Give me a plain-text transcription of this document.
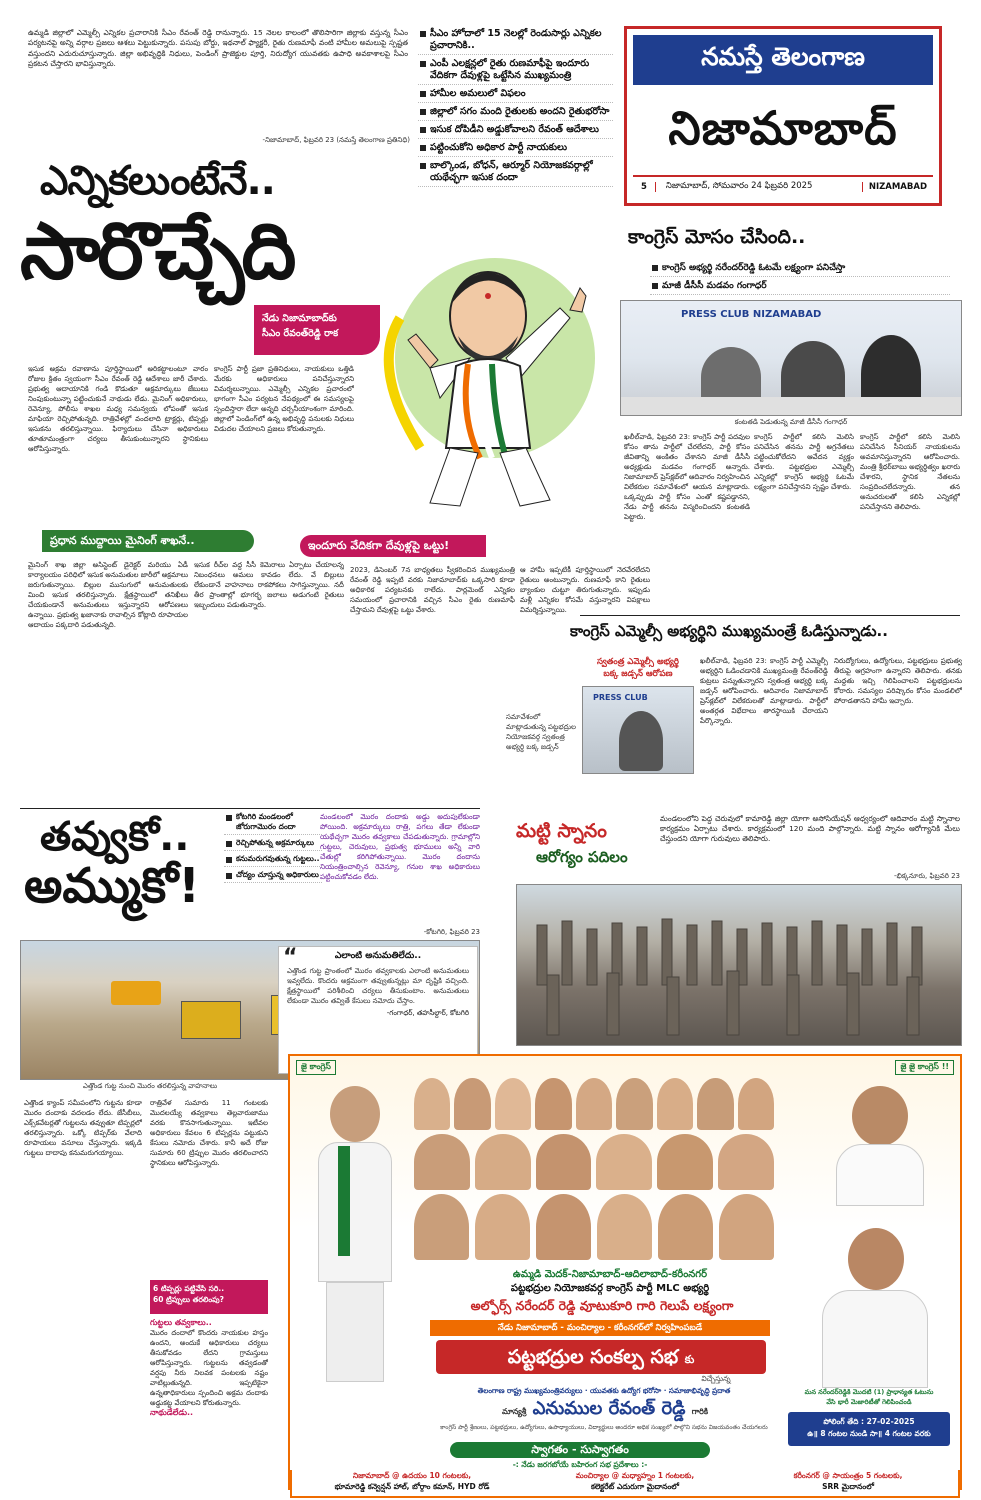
నమస్తే తెలంగాణ
నిజామాబాద్
5	నిజామాబాద్, సోమవారం 24 ఫిబ్రవరి 2025	NIZAMABAD
ఉమ్మడి జిల్లాలో ఎమ్మెల్సీ ఎన్నికల ప్రచారానికి సీఎం రేవంత్ రెడ్డి రానున్నారు. 15 నెలల కాలంలో తొలిసారిగా జిల్లాకు వస్తున్న సీఎం పర్యటనపై అన్ని వర్గాల ప్రజలు ఆశలు పెట్టుకున్నారు. పసుపు బోర్డు, ఇథనాల్ ఫ్యాక్టరీ, రైతు రుణమాఫీ వంటి హామీల అమలుపై స్పష్టత వస్తుందని ఎదురుచూస్తున్నారు. జిల్లా అభివృద్ధికి నిధులు, పెండింగ్ ప్రాజెక్టుల పూర్తి, నిరుద్యోగ యువతకు ఉపాధి అవకాశాలపై సీఎం ప్రకటన చేస్తారని భావిస్తున్నారు.
-నిజామాబాద్, ఫిబ్రవరి 23 (నమస్తే తెలంగాణ ప్రతినిధి)
సీఎం హోదాలో 15 నెలల్లో రెండుసార్లు ఎన్నికల ప్రచారానికి..
ఎంపీ ఎలక్షన్లలో రైతు రుణమాఫీపై ఇందూరు వేదికగా దేవుళ్లపై ఒట్టేసిన ముఖ్యమంత్రి
హామీల అమలులో విఫలం
జిల్లాలో సగం మంది రైతులకు అందని రైతుభరోసా
ఇసుక దోపిడీని అడ్డుకోవాలని రేవంత్ ఆదేశాలు
పట్టించుకోని అధికార పార్టీ నాయకులు
బాల్కొండ, బోధన్, ఆర్మూర్ నియోజకవర్గాల్లో యథేచ్ఛగా ఇసుక దందా
ఎన్నికలుంటేనే..
సారొచ్చేది
నేడు నిజామాబాద్‌కు
సీఎం రేవంత్‌రెడ్డి రాక
ఇసుక అక్రమ రవాణాను పూర్తిస్థాయిలో అరికట్టాలంటూ వారం రోజుల క్రితం స్వయంగా సీఎం రేవంత్ రెడ్డి ఆదేశాలు జారీ చేశారు. ప్రభుత్వ ఆదాయానికి గండి కొడుతూ అక్రమార్కులు జేబులు నింపుకుంటున్నా పట్టించుకునే నాథుడు లేడు. మైనింగ్ అధికారులు, రెవెన్యూ, పోలీసు శాఖల మధ్య సమన్వయ లోపంతో ఇసుక మాఫియా రెచ్చిపోతున్నది. రాత్రివేళల్లో వందలాది ట్రాక్టర్లు, టిప్పర్లు ఇసుకను తరలిస్తున్నాయి. ఫిర్యాదులు చేసినా అధికారులు తూతూమంత్రంగా చర్యలు తీసుకుంటున్నారని స్థానికులు ఆరోపిస్తున్నారు.
కాంగ్రెస్ పార్టీ ప్రజా ప్రతినిధులు, నాయకులు ఒత్తిడి మేరకు అధికారులు పనిచేస్తున్నారని విమర్శలున్నాయి. ఎమ్మెల్సీ ఎన్నికల ప్రచారంలో భాగంగా సీఎం పర్యటన నేపథ్యంలో ఈ సమస్యలపై స్పందిస్తారా లేదా అన్నది చర్చనీయాంశంగా మారింది. జిల్లాలో పెండింగ్‌లో ఉన్న అభివృద్ధి పనులకు నిధులు విడుదల చేయాలని ప్రజలు కోరుతున్నారు.
ప్రధాన ముద్దాయి మైనింగ్ శాఖనే..
మైనింగ్ శాఖ జిల్లా అసిస్టెంట్ డైరెక్టర్ మరియు ఏడీ కార్యాలయం పరిధిలో ఇసుక అనుమతుల జారీలో అక్రమాలు జరుగుతున్నాయి. బిల్లుల ముసుగులో అనుమతులకు మించి ఇసుక తరలిస్తున్నారు. క్షేత్రస్థాయిలో తనిఖీలు చేయకుండానే అనుమతులు ఇస్తున్నారని ఆరోపణలు ఉన్నాయి. ప్రభుత్వ ఖజానాకు రావాల్సిన కోట్లాది రూపాయల ఆదాయం పక్కదారి పడుతున్నది.
ఇసుక రీచ్‌ల వద్ద సీసీ కెమెరాలు ఏర్పాటు చేయాలన్న నిబంధనలు అమలు కావడం లేదు. వే బిల్లులు లేకుండానే వాహనాలు రాకపోకలు సాగిస్తున్నాయి. నదీ తీర ప్రాంతాల్లో భూగర్భ జలాలు అడుగంటి రైతులు ఇబ్బందులు పడుతున్నారు.
ఇందూరు వేదికగా దేవుళ్లపై ఒట్టు!
2023, డిసెంబర్ 7న బాధ్యతలు స్వీకరించిన ముఖ్యమంత్రి రేవంత్ రెడ్డి ఇప్పటి వరకు నిజామాబాద్‌కు ఒక్కసారి కూడా అధికారిక పర్యటనకు రాలేదు. పార్లమెంట్ ఎన్నికల సమయంలో ప్రచారానికి వచ్చిన సీఎం రైతు రుణమాఫీ చేస్తామని దేవుళ్లపై ఒట్టు వేశారు.
ఆ హామీ ఇప్పటికీ పూర్తిస్థాయిలో నెరవేరలేదని రైతులు అంటున్నారు. రుణమాఫీ కాని రైతులు బ్యాంకుల చుట్టూ తిరుగుతున్నారు. ఇప్పుడు మళ్లీ ఎన్నికల కోసమే వస్తున్నారని విపక్షాలు విమర్శిస్తున్నాయి.
కాంగ్రెస్ మోసం చేసింది..
కాంగ్రెస్ అభ్యర్థి నరేందర్‌రెడ్డి ఓటమే లక్ష్యంగా పనిచేస్తా
మాజీ డీసీసీ మడవం గంగాధర్
PRESS CLUB NIZAMABAD
కంటతడి పెడుతున్న మాజీ డీసీసీ గంగాధర్
ఖలీల్‌వాడి, ఫిబ్రవరి 23: కాంగ్రెస్ పార్టీ పదవుల కోసం తాను పార్టీలో చేరలేదని, పార్టీ కోసం జీవితాన్ని అంకితం చేశానని మాజీ డీసీసీ అధ్యక్షుడు మడవం గంగాధర్ అన్నారు. నిజామాబాద్ ప్రెస్‌క్లబ్‌లో ఆదివారం నిర్వహించిన విలేకరుల సమావేశంలో ఆయన మాట్లాడారు. ఒక్కప్పుడు పార్టీ కోసం ఎంతో కష్టపడ్డానని, నేడు పార్టీ తనను విస్మరించిందని కంటతడి పెట్టారు.
కాంగ్రెస్ పార్టీలో కలిసి మెలిసి పనిచేసిన తనను పార్టీ అగ్రనేతలు పట్టించుకోలేదని ఆవేదన వ్యక్తం చేశారు. పట్టభద్రుల ఎమ్మెల్సీ ఎన్నికల్లో కాంగ్రెస్ అభ్యర్థి ఓటమే లక్ష్యంగా పనిచేస్తానని స్పష్టం చేశారు.
కాంగ్రెస్ పార్టీలో కలిసి మెలిసి పనిచేసిన సీనియర్ నాయకులను అవమానిస్తున్నారని ఆరోపించారు. మంత్రి శ్రీధర్‌బాబు అభ్యర్థిత్వం ఖరారు చేశారని, స్థానిక నేతలను సంప్రదించలేదన్నారు. తన అనుచరులతో కలిసి ఎన్నికల్లో పనిచేస్తానని తెలిపారు.
కాంగ్రెస్ ఎమ్మెల్సీ అభ్యర్థిని ముఖ్యమంత్రే ఓడిస్తున్నాడు..
స్వతంత్ర ఎమ్మెల్సీ అభ్యర్థి
బక్క జడ్సన్ ఆరోపణ
PRESS CLUB
సమావేశంలో మాట్లాడుతున్న పట్టభద్రుల నియోజకవర్గ స్వతంత్ర అభ్యర్థి బక్క జడ్సన్
ఖలీల్‌వాడి, ఫిబ్రవరి 23: కాంగ్రెస్ పార్టీ ఎమ్మెల్సీ అభ్యర్థిని ఓడించడానికి ముఖ్యమంత్రి రేవంత్‌రెడ్డి కుట్రలు పన్నుతున్నారని స్వతంత్ర అభ్యర్థి బక్క జడ్సన్ ఆరోపించారు. ఆదివారం నిజామాబాద్ ప్రెస్‌క్లబ్‌లో విలేకరులతో మాట్లాడారు. పార్టీలో అంతర్గత విభేదాలు తారస్థాయికి చేరాయని పేర్కొన్నారు.
నిరుద్యోగులు, ఉద్యోగులు, పట్టభద్రులు ప్రభుత్వ తీరుపై ఆగ్రహంగా ఉన్నారని తెలిపారు. తనకు మద్దతు ఇచ్చి గెలిపించాలని పట్టభద్రులను కోరారు. సమస్యల పరిష్కారం కోసం మండలిలో పోరాడతానని హామీ ఇచ్చారు.
తవ్వుకో..
అమ్ముకో!
కోటగిరి మండలంలో జోరుగామొరం దందా
రెచ్చిపోతున్న అక్రమార్కులు
కనుమరుగవుతున్న గుట్టలు..
చోద్యం చూస్తున్న అధికారులు
మండలంలో మొరం దందాకు అడ్డు అదుపులేకుండా పోయింది. అక్రమార్కులు రాత్రి, పగలు తేడా లేకుండా యథేచ్ఛగా మొరం తవ్వకాలు చేపడుతున్నారు. గ్రామాల్లోని గుట్టలు, చెరువులు, ప్రభుత్వ భూములు అన్నీ వారి చేతుల్లో కరిగిపోతున్నాయి. మొరం దందాను నియంత్రించాల్సిన రెవెన్యూ, గనుల శాఖ అధికారులు పట్టించుకోవడం లేదు.
-కోటగిరి, ఫిబ్రవరి 23
“	ఎలాంటి అనుమతిలేదు..
ఎత్తొండ గుట్ట ప్రాంతంలో మొరం తవ్వకాలకు ఎలాంటి అనుమతులు ఇవ్వలేదు. కొందరు అక్రమంగా తవ్వుతున్నట్లు మా దృష్టికి వచ్చింది. క్షేత్రస్థాయిలో పరిశీలించి చర్యలు తీసుకుంటాం. అనుమతులు లేకుండా మొరం తవ్వితే కేసులు నమోదు చేస్తాం.
-గంగాధర్, తహసీల్దార్, కోటగిరి
ఎత్తొండ గుట్ట నుంచి మొరం తరలిస్తున్న వాహనాలు
ఎత్తొండ క్యాంప్ సమీపంలోని గుట్టను కూడా మొరం దందాకు వదలడం లేదు. జేసీబీలు, ఎక్స్‌కవేటర్లతో గుట్టలను తవ్వుతూ టిప్పర్లలో తరలిస్తున్నారు. ఒక్కో టిప్పర్‌కు వేలాది రూపాయలు వసూలు చేస్తున్నారు. ఇక్కడి గుట్టలు దాదాపు కనుమరుగయ్యాయి.
రాత్రివేళ సుమారు 11 గంటలకు మొదలయ్యే తవ్వకాలు తెల్లవారుజాము వరకు కొనసాగుతున్నాయి. ఇటీవల అధికారులు కేవలం 6 టిప్పర్లను పట్టుకుని కేసులు నమోదు చేశారు. కానీ అదే రోజు సుమారు 60 ట్రిప్పుల మొరం తరలించారని స్థానికులు ఆరోపిస్తున్నారు.
6 టిప్పర్లు పట్టివేసి సరి..
60 ట్రిప్పులు తరలింపు?
గుట్టలు తవ్వకాలు..
మొరం దందాలో కొందరు నాయకుల హస్తం ఉందని, అందుకే అధికారులు చర్యలు తీసుకోవడం లేదని గ్రామస్తులు ఆరోపిస్తున్నారు. గుట్టలను తవ్వడంతో వర్షపు నీరు నిలవక పంటలకు నష్టం వాటిల్లుతున్నది. ఇప్పటికైనా ఉన్నతాధికారులు స్పందించి అక్రమ దందాకు అడ్డుకట్ట వేయాలని కోరుతున్నారు.
నాథుడేలేడు..
మట్టి స్నానం
ఆరోగ్యం పదిలం
మండలంలోని పెద్ద చెరువులో కామారెడ్డి జిల్లా యోగా అసోసియేషన్ ఆధ్వర్యంలో ఆదివారం మట్టి స్నానాల కార్యక్రమం ఏర్పాటు చేశారు. కార్యక్రమంలో 120 మంది పాల్గొన్నారు. మట్టి స్నానం ఆరోగ్యానికి మేలు చేస్తుందని యోగా గురువులు తెలిపారు.
-భిక్కనూరు, ఫిబ్రవరి 23
జై కాంగ్రెస్	జై జై కాంగ్రెస్ !!
ఉమ్మడి మెదక్-నిజామాబాద్-ఆదిలాబాద్-కరీంనగర్
పట్టభద్రుల నియోజకవర్గ కాంగ్రెస్ పార్టీ MLC అభ్యర్థి
అల్ఫోర్స్ నరేందర్ రెడ్డి వూటుకూరి గారి గెలుపే లక్ష్యంగా
నేడు నిజామాబాద్ - మంచిర్యాల - కరీంనగర్‌లో నిర్వహింపబడే
పట్టభద్రుల సంకల్ప సభ కు
విచ్చేస్తున్న
తెలంగాణ రాష్ట్ర ముఖ్యమంత్రివర్యులు · యువతకు ఉద్యోగ భరోసా · సమాజాభివృద్ధి ప్రదాత
మాన్యశ్రీ ఎనుముల రేవంత్ రెడ్డి గారికి
కాంగ్రెస్ పార్టీ శ్రేణులు, పట్టభద్రులు, ఉద్యోగులు, ఉపాధ్యాయులు, విద్యార్థులు అందరూ అధిక సంఖ్యలో పాల్గొని సభను విజయవంతం చేయగలరు
స్వాగతం - సుస్వాగతం
-: నేడు జరగబోయే బహిరంగ సభ ప్రదేశాలు :-
మన నరేందర్‌రెడ్డికి మొదటి (1) ప్రాధాన్యత ఓటును
వేసి భారీ మెజారిటీతో గెలిపించండి
పోలింగ్ తేది : 27-02-2025
ఉ॥ 8 గంటల నుండి సా॥ 4 గంటల వరకు
నిజామాబాద్ @ ఉదయం 10 గంటలకు,
భూమారెడ్డి కన్వెన్షన్ హాల్, బోర్గాం కమాన్, HYD రోడ్
మంచిర్యాల @ మధ్యాహ్నం 1 గంటలకు,
కలెక్టరేట్ ఎదురుగా మైదానంలో
కరీంనగర్ @ సాయంత్రం 5 గంటలకు,
SRR మైదానంలో
